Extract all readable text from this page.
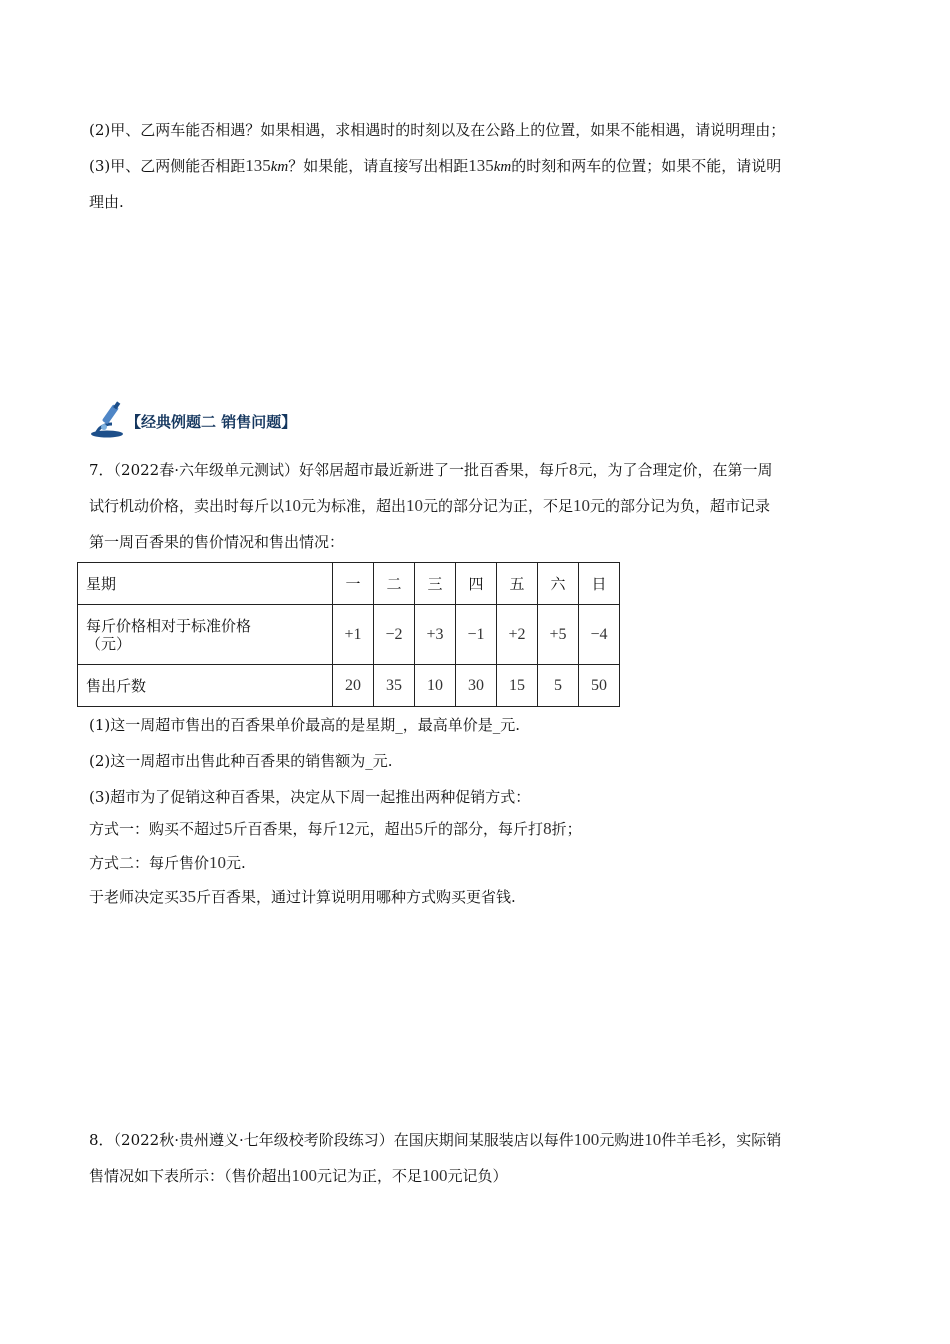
(2)甲、乙两车能否相遇？如果相遇，求相遇时的时刻以及在公路上的位置，如果不能相遇，请说明理由；
(3)甲、乙两侧能否相距135km？如果能，请直接写出相距135km的时刻和两车的位置；如果不能，请说明
理由.
【经典例题二 销售问题】
7．（2022春·六年级单元测试）好邻居超市最近新进了一批百香果，每斤8元，为了合理定价，在第一周
试行机动价格，卖出时每斤以10元为标准，超出10元的部分记为正，不足10元的部分记为负，超市记录
第一周百香果的售价情况和售出情况：
星期	一	二	三	四	五	六	日

每斤价格相对于标准价格
（元）	+1	−2	+3	−1	+2	+5	−4
售出斤数	20	35	10	30	15	5	50
(1)这一周超市售出的百香果单价最高的是星期_，最高单价是_元.
(2)这一周超市出售此种百香果的销售额为_元.
(3)超市为了促销这种百香果，决定从下周一起推出两种促销方式：
方式一：购买不超过5斤百香果，每斤12元，超出5斤的部分，每斤打8折；
方式二：每斤售价10元.
于老师决定买35斤百香果，通过计算说明用哪种方式购买更省钱.
8．（2022秋·贵州遵义·七年级校考阶段练习）在国庆期间某服装店以每件100元购进10件羊毛衫，实际销
售情况如下表所示：（售价超出100元记为正，不足100元记负）
